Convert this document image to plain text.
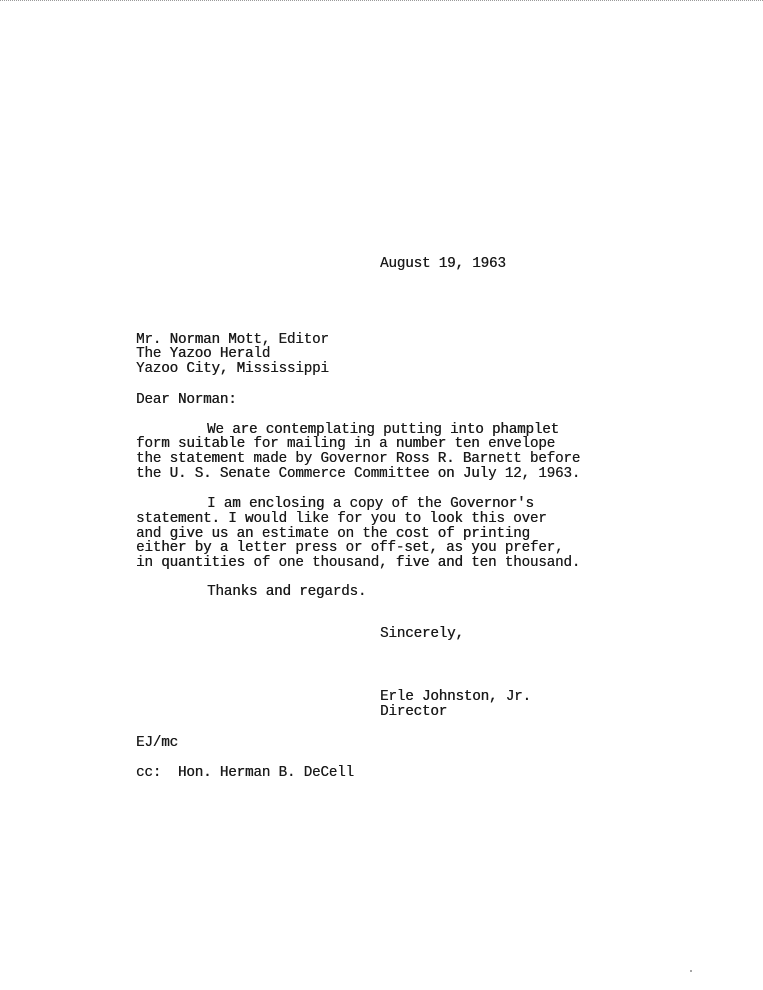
August 19, 1963

Mr. Norman Mott, Editor

The Yazoo Herald

Yazoo City, Mississippi

Dear Norman:

We are contemplating putting into phamplet

form suitable for mailing in a number ten envelope

the statement made by Governor Ross R. Barnett before

the U. S. Senate Commerce Committee on July 12, 1963.

I am enclosing a copy of the Governor's

statement. I would like for you to look this over

and give us an estimate on the cost of printing

either by a letter press or off-set, as you prefer,

in quantities of one thousand, five and ten thousand.

Thanks and regards.

Sincerely,

Erle Johnston, Jr.

Director

EJ/mc

cc:  Hon. Herman B. DeCell
